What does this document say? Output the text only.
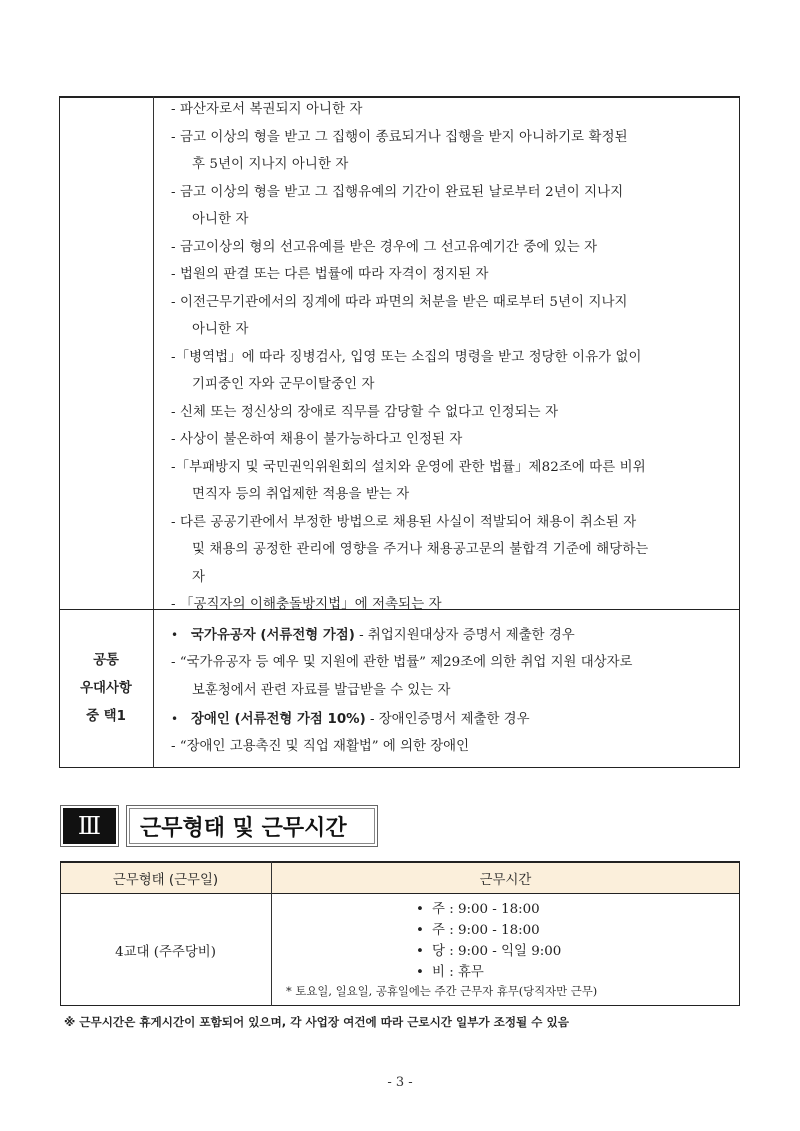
- 파산자로서 복권되지 아니한 자
- 금고 이상의 형을 받고 그 집행이 종료되거나 집행을 받지 아니하기로 확정된
후 5년이 지나지 아니한 자
- 금고 이상의 형을 받고 그 집행유예의 기간이 완료된 날로부터 2년이 지나지
아니한 자
- 금고이상의 형의 선고유예를 받은 경우에 그 선고유예기간 중에 있는 자
- 법원의 판결 또는 다른 법률에 따라 자격이 정지된 자
- 이전근무기관에서의 징계에 따라 파면의 처분을 받은 때로부터 5년이 지나지
아니한 자
-「병역법」에 따라 징병검사, 입영 또는 소집의 명령을 받고 정당한 이유가 없이
기피중인 자와 군무이탈중인 자
- 신체 또는 정신상의 장애로 직무를 감당할 수 없다고 인정되는 자
- 사상이 불온하여 채용이 불가능하다고 인정된 자
-「부패방지 및 국민권익위원회의 설치와 운영에 관한 법률」제82조에 따른 비위
면직자 등의 취업제한 적용을 받는 자
- 다른 공공기관에서 부정한 방법으로 채용된 사실이 적발되어 채용이 취소된 자
및 채용의 공정한 관리에 영향을 주거나 채용공고문의 불합격 기준에 해당하는
자
- 「공직자의 이해충돌방지법」에 저촉되는 자
공통
우대사항
중 택1
• 국가유공자 (서류전형 가점) - 취업지원대상자 증명서 제출한 경우
- “국가유공자 등 예우 및 지원에 관한 법률” 제29조에 의한 취업 지원 대상자로
보훈청에서 관련 자료를 발급받을 수 있는 자
• 장애인 (서류전형 가점 10%) - 장애인증명서 제출한 경우
- “장애인 고용촉진 및 직업 재활법” 에 의한 장애인
Ⅲ	근무형태 및 근무시간
근무형태 (근무일)	근무시간
4교대 (주주당비)
• 주 : 9:00 - 18:00
• 주 : 9:00 - 18:00
• 당 : 9:00 - 익일 9:00
• 비 : 휴무
* 토요일, 일요일, 공휴일에는 주간 근무자 휴무(당직자만 근무)
※ 근무시간은 휴게시간이 포함되어 있으며, 각 사업장 여건에 따라 근로시간 일부가 조정될 수 있음
- 3 -
